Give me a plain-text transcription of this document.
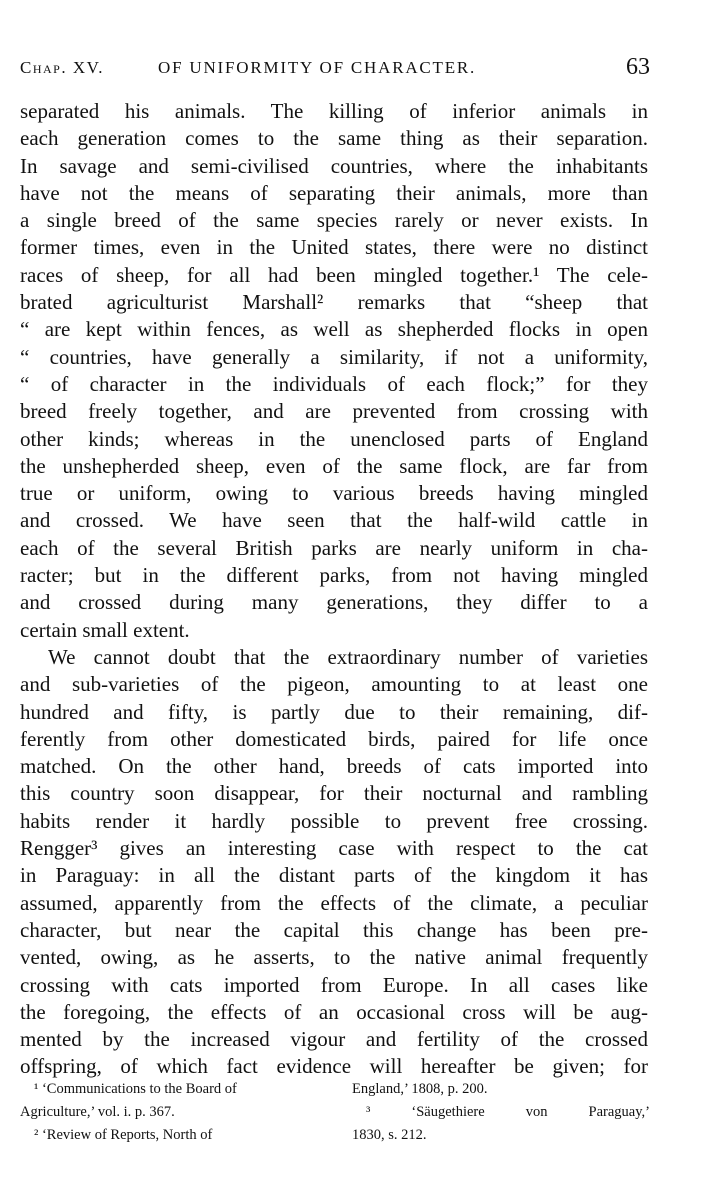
Chap. XV.	OF UNIFORMITY OF CHARACTER.	63
separated his animals. The killing of inferior animals in
each generation comes to the same thing as their separation.
In savage and semi-civilised countries, where the inhabitants
have not the means of separating their animals, more than
a single breed of the same species rarely or never exists. In
former times, even in the United states, there were no distinct
races of sheep, for all had been mingled together.¹ The cele-
brated agriculturist Marshall² remarks that “sheep that
“ are kept within fences, as well as shepherded flocks in open
“ countries, have generally a similarity, if not a uniformity,
“ of character in the individuals of each flock;” for they
breed freely together, and are prevented from crossing with
other kinds; whereas in the unenclosed parts of England
the unshepherded sheep, even of the same flock, are far from
true or uniform, owing to various breeds having mingled
and crossed. We have seen that the half-wild cattle in
each of the several British parks are nearly uniform in cha-
racter; but in the different parks, from not having mingled
and crossed during many generations, they differ to a
certain small extent.
We cannot doubt that the extraordinary number of varieties
and sub-varieties of the pigeon, amounting to at least one
hundred and fifty, is partly due to their remaining, dif-
ferently from other domesticated birds, paired for life once
matched. On the other hand, breeds of cats imported into
this country soon disappear, for their nocturnal and rambling
habits render it hardly possible to prevent free crossing.
Rengger³ gives an interesting case with respect to the cat
in Paraguay: in all the distant parts of the kingdom it has
assumed, apparently from the effects of the climate, a peculiar
character, but near the capital this change has been pre-
vented, owing, as he asserts, to the native animal frequently
crossing with cats imported from Europe. In all cases like
the foregoing, the effects of an occasional cross will be aug-
mented by the increased vigour and fertility of the crossed
offspring, of which fact evidence will hereafter be given; for
¹ ‘Communications to the Board of
Agriculture,’ vol. i. p. 367.
² ‘Review of Reports, North of
England,’ 1808, p. 200.
³ ‘Säugethiere von Paraguay,’
1830, s. 212.
